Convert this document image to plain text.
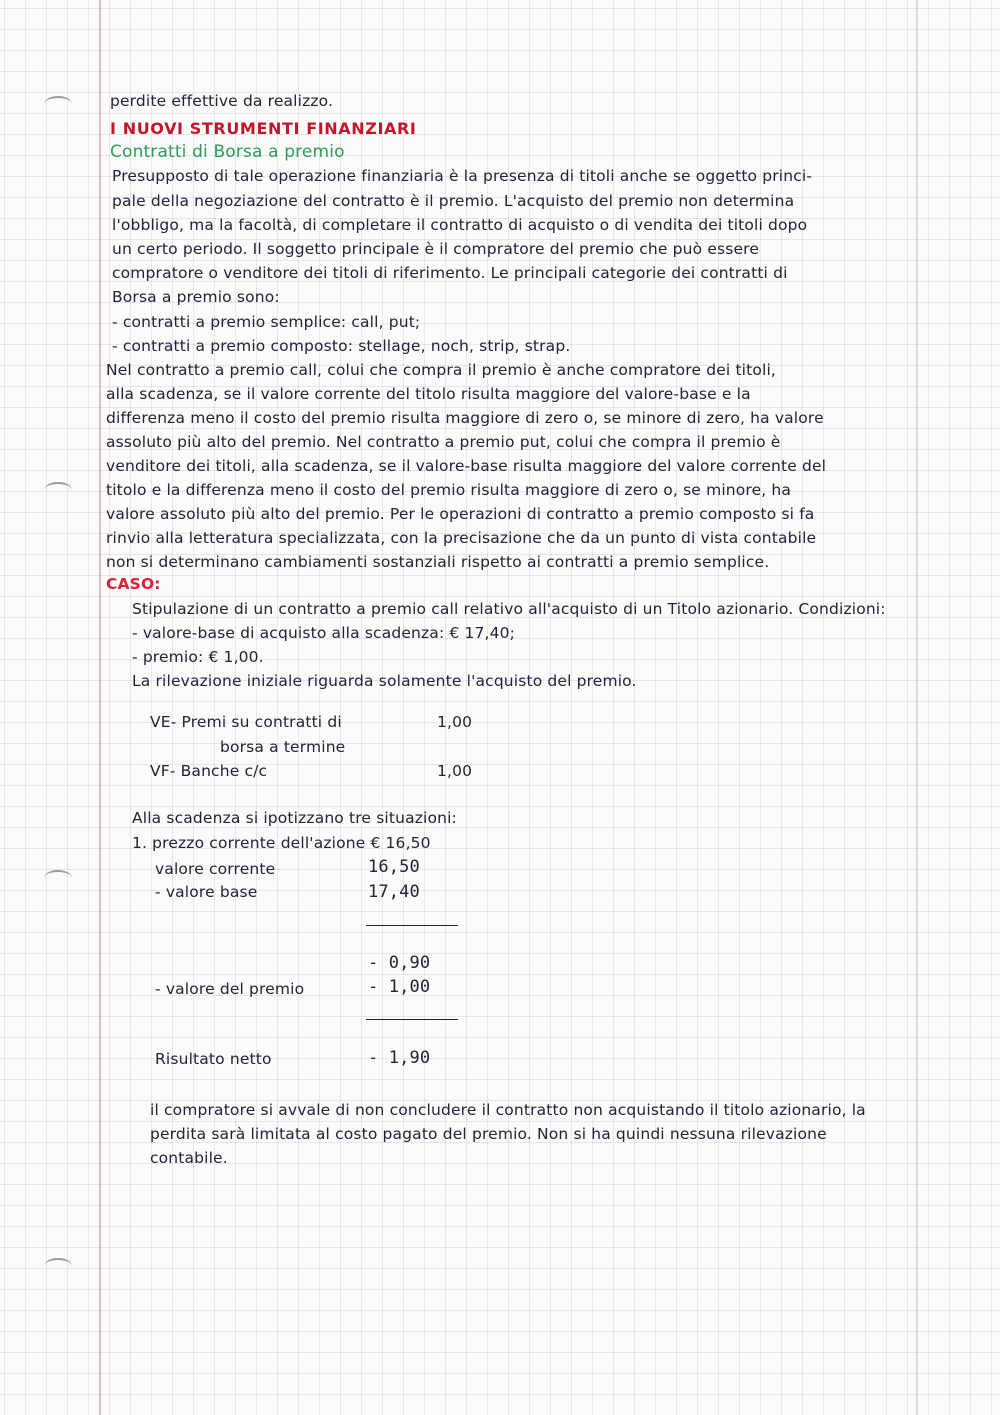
perdite effettive da realizzo.
I NUOVI STRUMENTI FINANZIARI
Contratti di Borsa a premio
Presupposto di tale operazione finanziaria è la presenza di titoli anche se oggetto princi-
pale della negoziazione del contratto è il premio. L'acquisto del premio non determina
l'obbligo, ma la facoltà, di completare il contratto di acquisto o di vendita dei titoli dopo
un certo periodo. Il soggetto principale è il compratore del premio che può essere
compratore o venditore dei titoli di riferimento. Le principali categorie dei contratti di
Borsa a premio sono:
- contratti a premio semplice: call, put;
- contratti a premio composto: stellage, noch, strip, strap.
Nel contratto a premio call, colui che compra il premio è anche compratore dei titoli,
alla scadenza, se il valore corrente del titolo risulta maggiore del valore-base e la
differenza meno il costo del premio risulta maggiore di zero o, se minore di zero, ha valore
assoluto più alto del premio. Nel contratto a premio put, colui che compra il premio è
venditore dei titoli, alla scadenza, se il valore-base risulta maggiore del valore corrente del
titolo e la differenza meno il costo del premio risulta maggiore di zero o, se minore, ha
valore assoluto più alto del premio. Per le operazioni di contratto a premio composto si fa
rinvio alla letteratura specializzata, con la precisazione che da un punto di vista contabile
non si determinano cambiamenti sostanziali rispetto ai contratti a premio semplice.
CASO:
Stipulazione di un contratto a premio call relativo all'acquisto di un Titolo azionario. Condizioni:
- valore-base di acquisto alla scadenza: € 17,40;
- premio: € 1,00.
La rilevazione iniziale riguarda solamente l'acquisto del premio.
VE- Premi su contratti di
borsa a termine
1,00
VF- Banche c/c	1,00
Alla scadenza si ipotizzano tre situazioni:
1. prezzo corrente dell'azione € 16,50
valore corrente	16,50
- valore base	17,40
- 0,90
- valore del premio	- 1,00
Risultato netto	- 1,90
il compratore si avvale di non concludere il contratto non acquistando il titolo azionario, la
perdita sarà limitata al costo pagato del premio. Non si ha quindi nessuna rilevazione
contabile.
